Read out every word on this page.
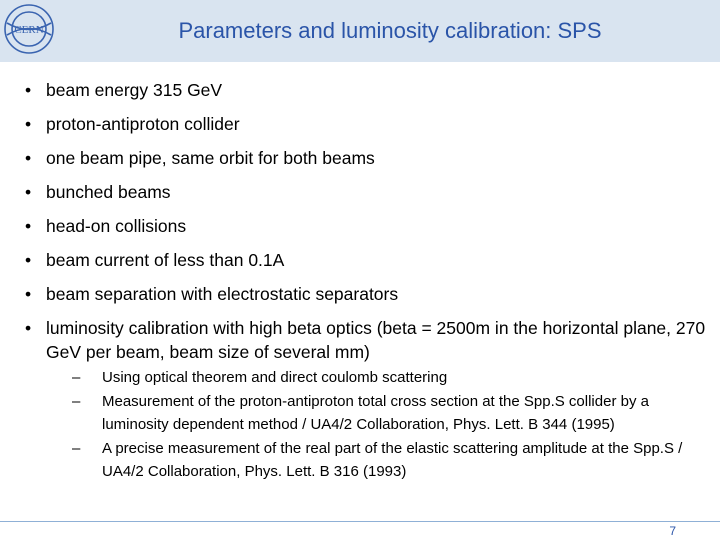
CERN	Parameters and luminosity calibration: SPS
• beam energy 315 GeV
• proton-antiproton collider
• one beam pipe, same orbit for both beams
• bunched beams
• head-on collisions
• beam current of less than 0.1A
• beam separation with electrostatic separators
• luminosity calibration with high beta optics (beta = 2500m in the horizontal plane, 270 GeV per beam, beam size of several mm)
– Using optical theorem and direct coulomb scattering
– Measurement of the proton-antiproton total cross section at the Spp.S collider by a luminosity dependent method / UA4/2 Collaboration, Phys. Lett. B 344 (1995)
– A precise measurement of the real part of the elastic scattering amplitude at the Spp.S / UA4/2 Collaboration, Phys. Lett. B 316 (1993)
7
